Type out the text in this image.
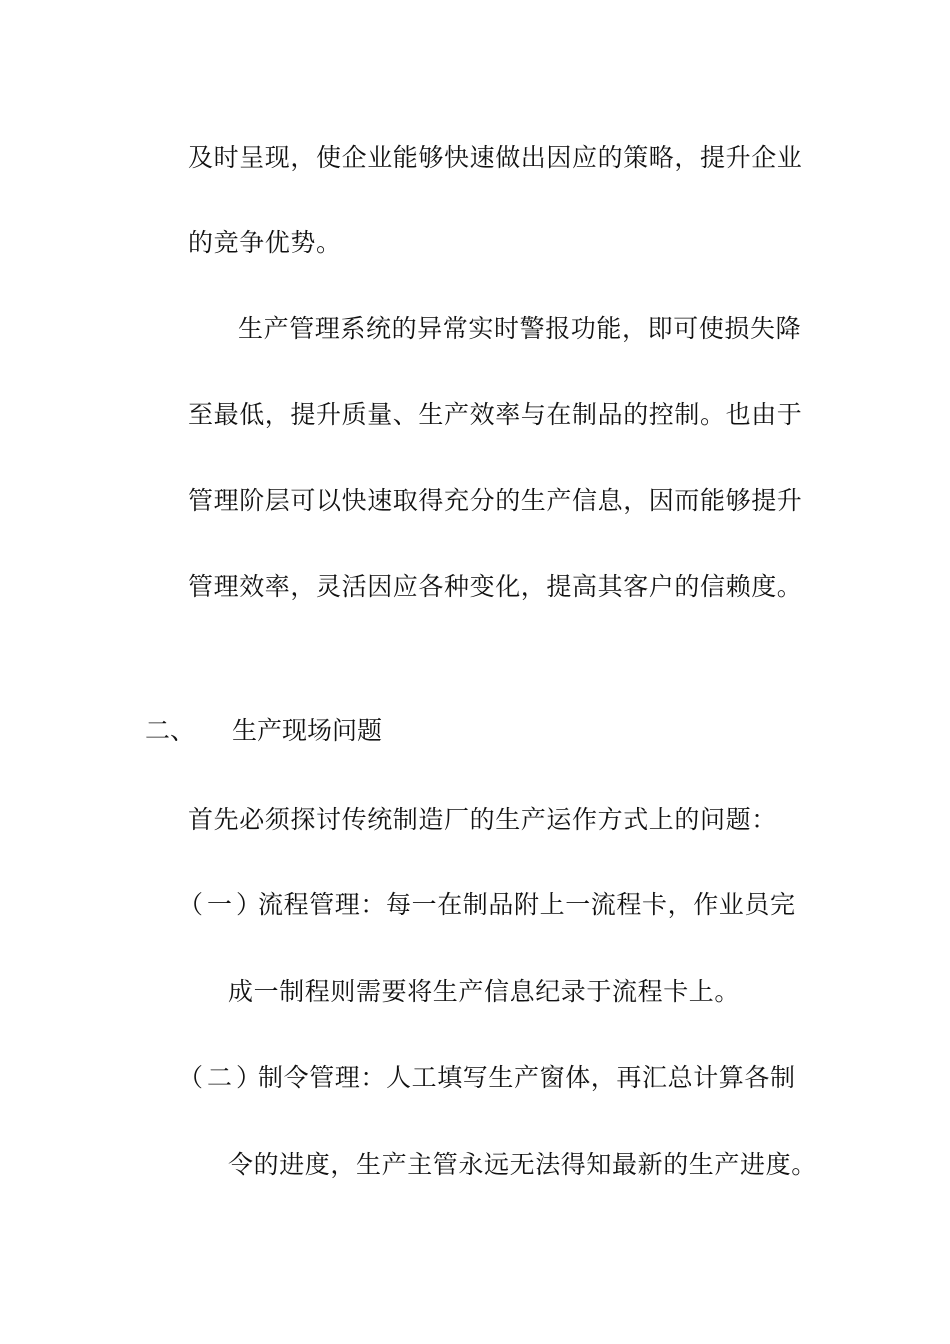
及时呈现，使企业能够快速做出因应的策略，提升企业
的竞争优势。
生产管理系统的异常实时警报功能，即可使损失降
至最低，提升质量、生产效率与在制品的控制。也由于
管理阶层可以快速取得充分的生产信息，因而能够提升
管理效率，灵活因应各种变化，提高其客户的信赖度。
二、 生产现场问题
首先必须探讨传统制造厂的生产运作方式上的问题：
（一）
流程管理：每一在制品附上一流程卡，作业员完
成一制程则需要将生产信息纪录于流程卡上。
（二）
制令管理：人工填写生产窗体，再汇总计算各制
令的进度，生产主管永远无法得知最新的生产进度。
